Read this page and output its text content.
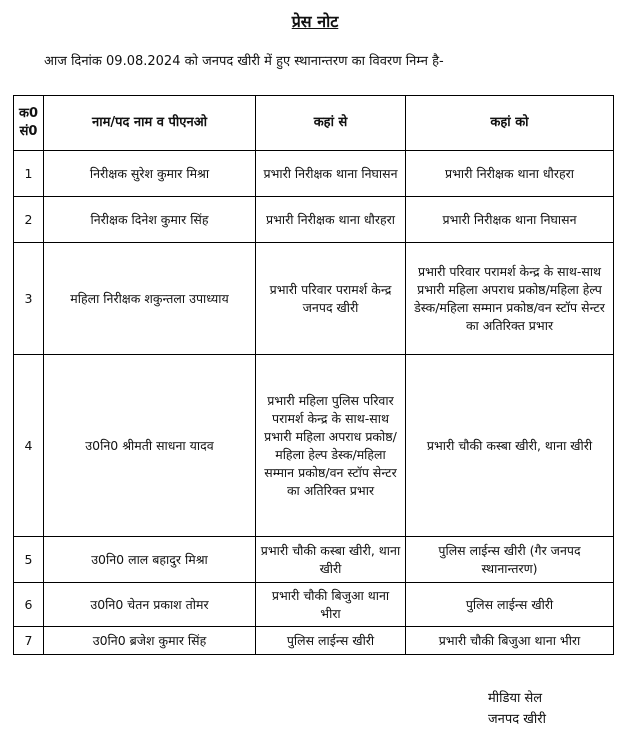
प्रेस नोट
आज दिनांक 09.08.2024 को जनपद खीरी में हुए स्थानान्तरण का विवरण निम्न है-
क0 सं0	नाम/पद नाम व पीएनओ	कहां से	कहां को
1	निरीक्षक सुरेश कुमार मिश्रा	प्रभारी निरीक्षक थाना निघासन	प्रभारी निरीक्षक थाना धौरहरा
2	निरीक्षक दिनेश कुमार सिंह	प्रभारी निरीक्षक थाना धौरहरा	प्रभारी निरीक्षक थाना निघासन
3	महिला निरीक्षक शकुन्तला उपाध्याय	प्रभारी परिवार परामर्श केन्द्र जनपद खीरी	प्रभारी परिवार परामर्श केन्द्र के साथ-साथ प्रभारी महिला अपराध प्रकोष्ठ/महिला हेल्प डेस्क/महिला सम्मान प्रकोष्ठ/वन स्टॉप सेन्टर का अतिरिक्त प्रभार
4	उ0नि0 श्रीमती साधना यादव	प्रभारी महिला पुलिस परिवार परामर्श केन्द्र के साथ-साथ प्रभारी महिला अपराध प्रकोष्ठ/महिला हेल्प डेस्क/महिला सम्मान प्रकोष्ठ/वन स्टॉप सेन्टर का अतिरिक्त प्रभार	प्रभारी चौकी कस्बा खीरी, थाना खीरी
5	उ0नि0 लाल बहादुर मिश्रा	प्रभारी चौकी कस्बा खीरी, थाना खीरी	पुलिस लाईन्स खीरी (गैर जनपद स्थानान्तरण)
6	उ0नि0 चेतन प्रकाश तोमर	प्रभारी चौकी बिजुआ थाना भीरा	पुलिस लाईन्स खीरी
7	उ0नि0 ब्रजेश कुमार सिंह	पुलिस लाईन्स खीरी	प्रभारी चौकी बिजुआ थाना भीरा
मीडिया सेल
जनपद खीरी
